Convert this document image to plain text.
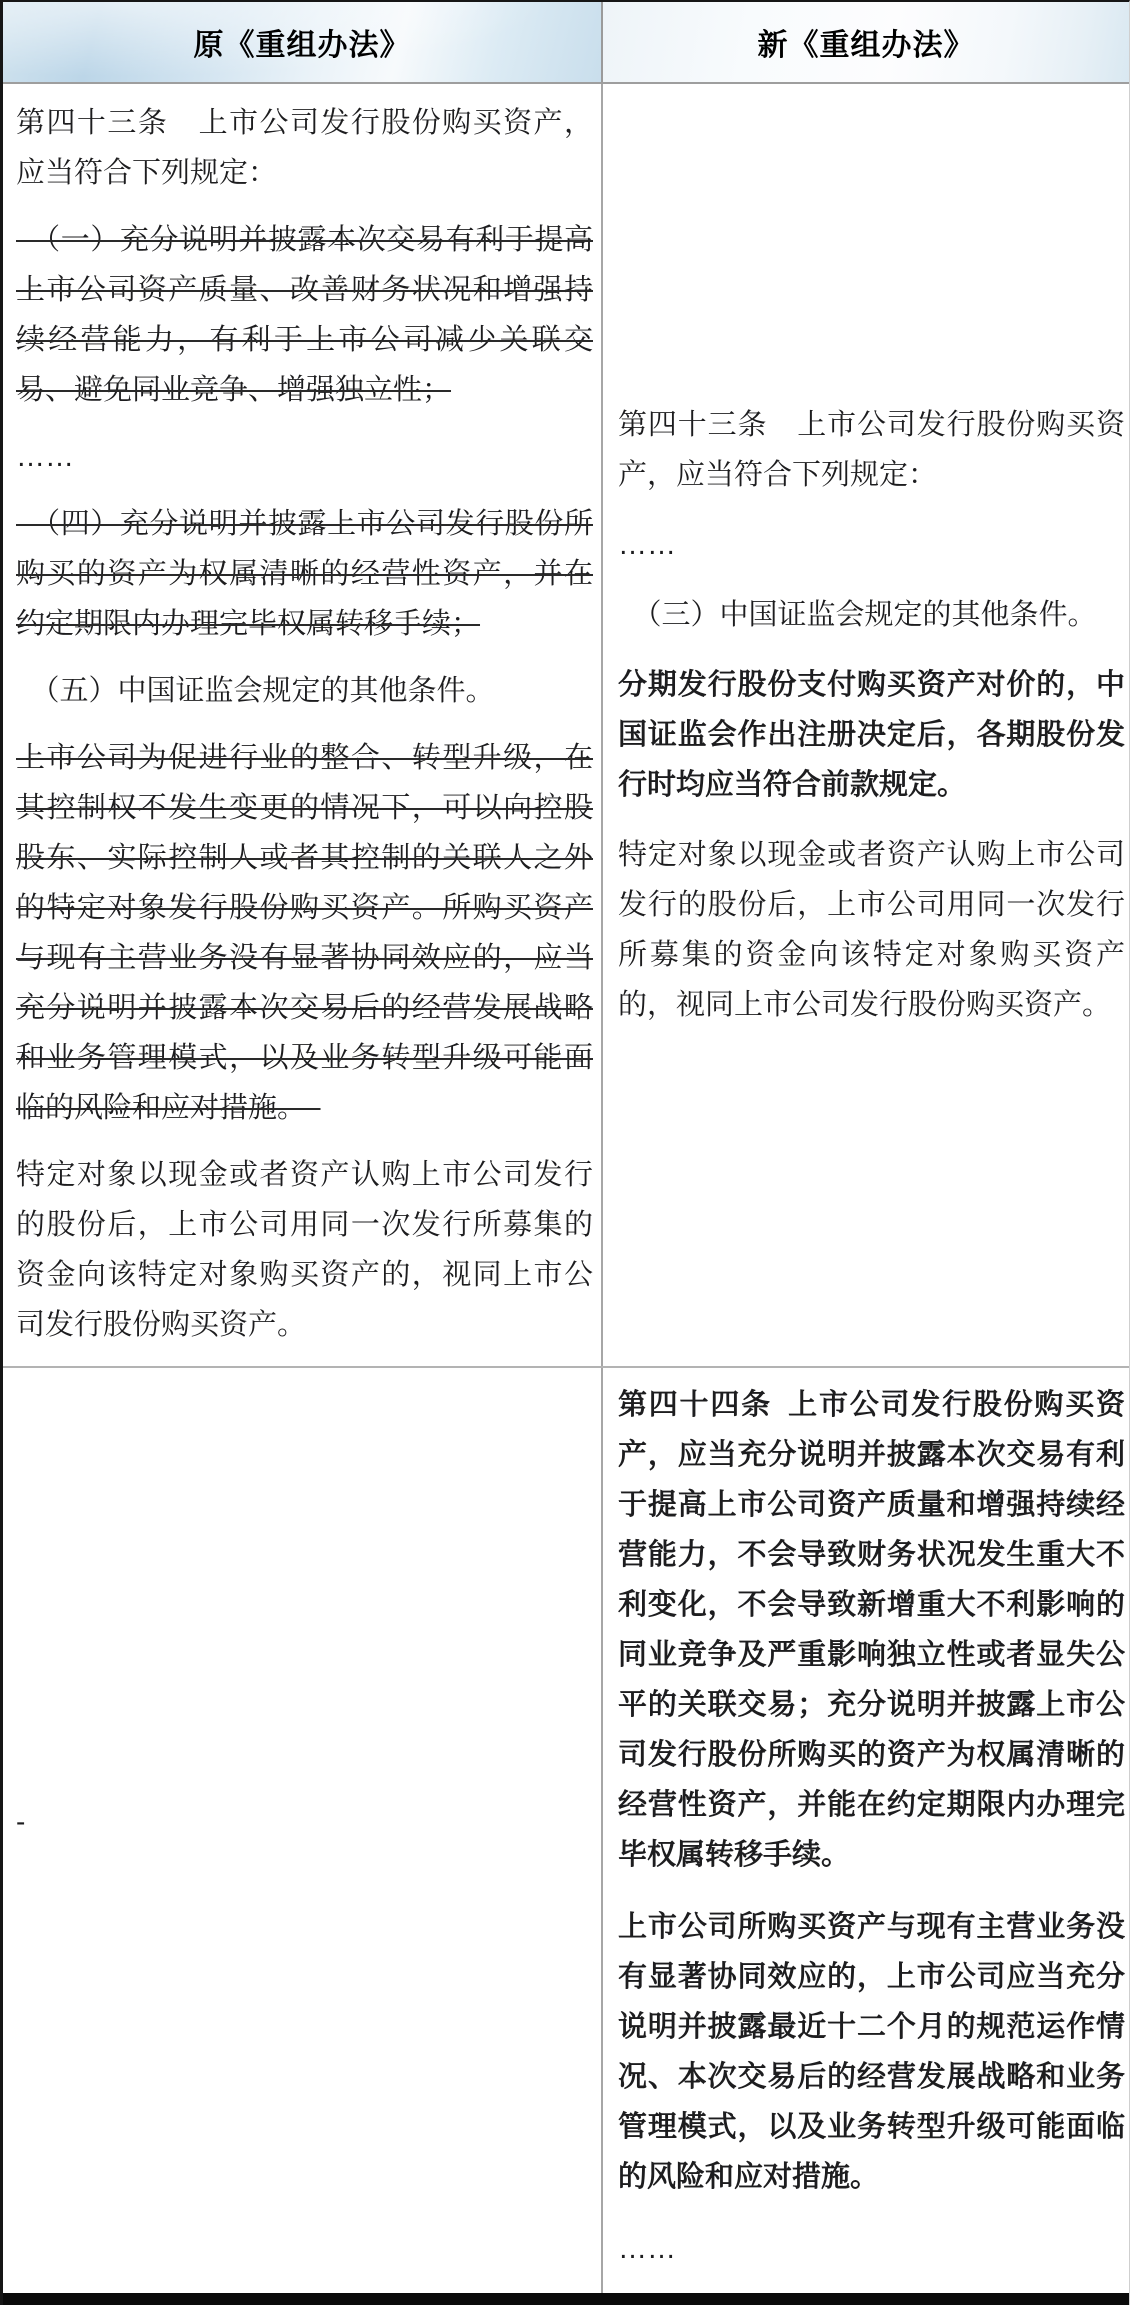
原《重组办法》	新《重组办法》

第四十三条　上市公司发行股份购买资产，应当符合下列规定：

 （一）充分说明并披露本次交易有利于提高上市公司资产质量、改善财务状况和增强持续经营能力，有利于上市公司减少关联交易、避免同业竞争、增强独立性；

……

 （四）充分说明并披露上市公司发行股份所购买的资产为权属清晰的经营性资产，并在约定期限内办理完毕权属转移手续；

 （五）中国证监会规定的其他条件。

上市公司为促进行业的整合、转型升级，在其控制权不发生变更的情况下，可以向控股股东、实际控制人或者其控制的关联人之外的特定对象发行股份购买资产。所购买资产与现有主营业务没有显著协同效应的，应当充分说明并披露本次交易后的经营发展战略和业务管理模式，以及业务转型升级可能面临的风险和应对措施。 

特定对象以现金或者资产认购上市公司发行的股份后，上市公司用同一次发行所募集的资金向该特定对象购买资产的，视同上市公司发行股份购买资产。

第四十三条　上市公司发行股份购买资产，应当符合下列规定：

……

 （三）中国证监会规定的其他条件。

分期发行股份支付购买资产对价的，中国证监会作出注册决定后，各期股份发行时均应当符合前款规定。

特定对象以现金或者资产认购上市公司发行的股份后，上市公司用同一次发行所募集的资金向该特定对象购买资产的，视同上市公司发行股份购买资产。

-

第四十四条 上市公司发行股份购买资产，应当充分说明并披露本次交易有利于提高上市公司资产质量和增强持续经营能力，不会导致财务状况发生重大不利变化，不会导致新增重大不利影响的同业竞争及严重影响独立性或者显失公平的关联交易；充分说明并披露上市公司发行股份所购买的资产为权属清晰的经营性资产，并能在约定期限内办理完毕权属转移手续。

上市公司所购买资产与现有主营业务没有显著协同效应的，上市公司应当充分说明并披露最近十二个月的规范运作情况、本次交易后的经营发展战略和业务管理模式，以及业务转型升级可能面临的风险和应对措施。

……
